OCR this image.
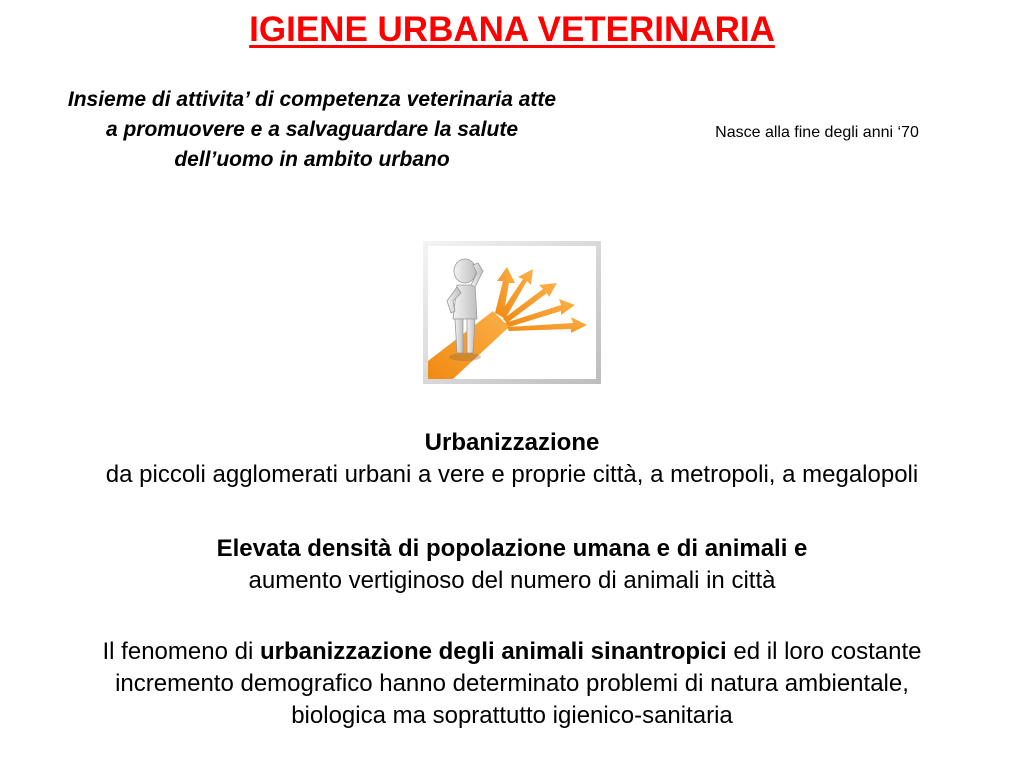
IGIENE URBANA VETERINARIA
Insieme di attivita’ di competenza veterinaria atte
a promuovere e a salvaguardare la salute
dell’uomo in ambito urbano
Nasce alla fine degli anni ‘70
Urbanizzazione
da piccoli agglomerati urbani a vere e proprie città, a metropoli, a megalopoli
Elevata densità di popolazione umana e di animali e
aumento vertiginoso del numero di animali in città
Il fenomeno di urbanizzazione degli animali sinantropici ed il loro costante
incremento demografico hanno determinato problemi di natura ambientale,
biologica ma soprattutto igienico-sanitaria
